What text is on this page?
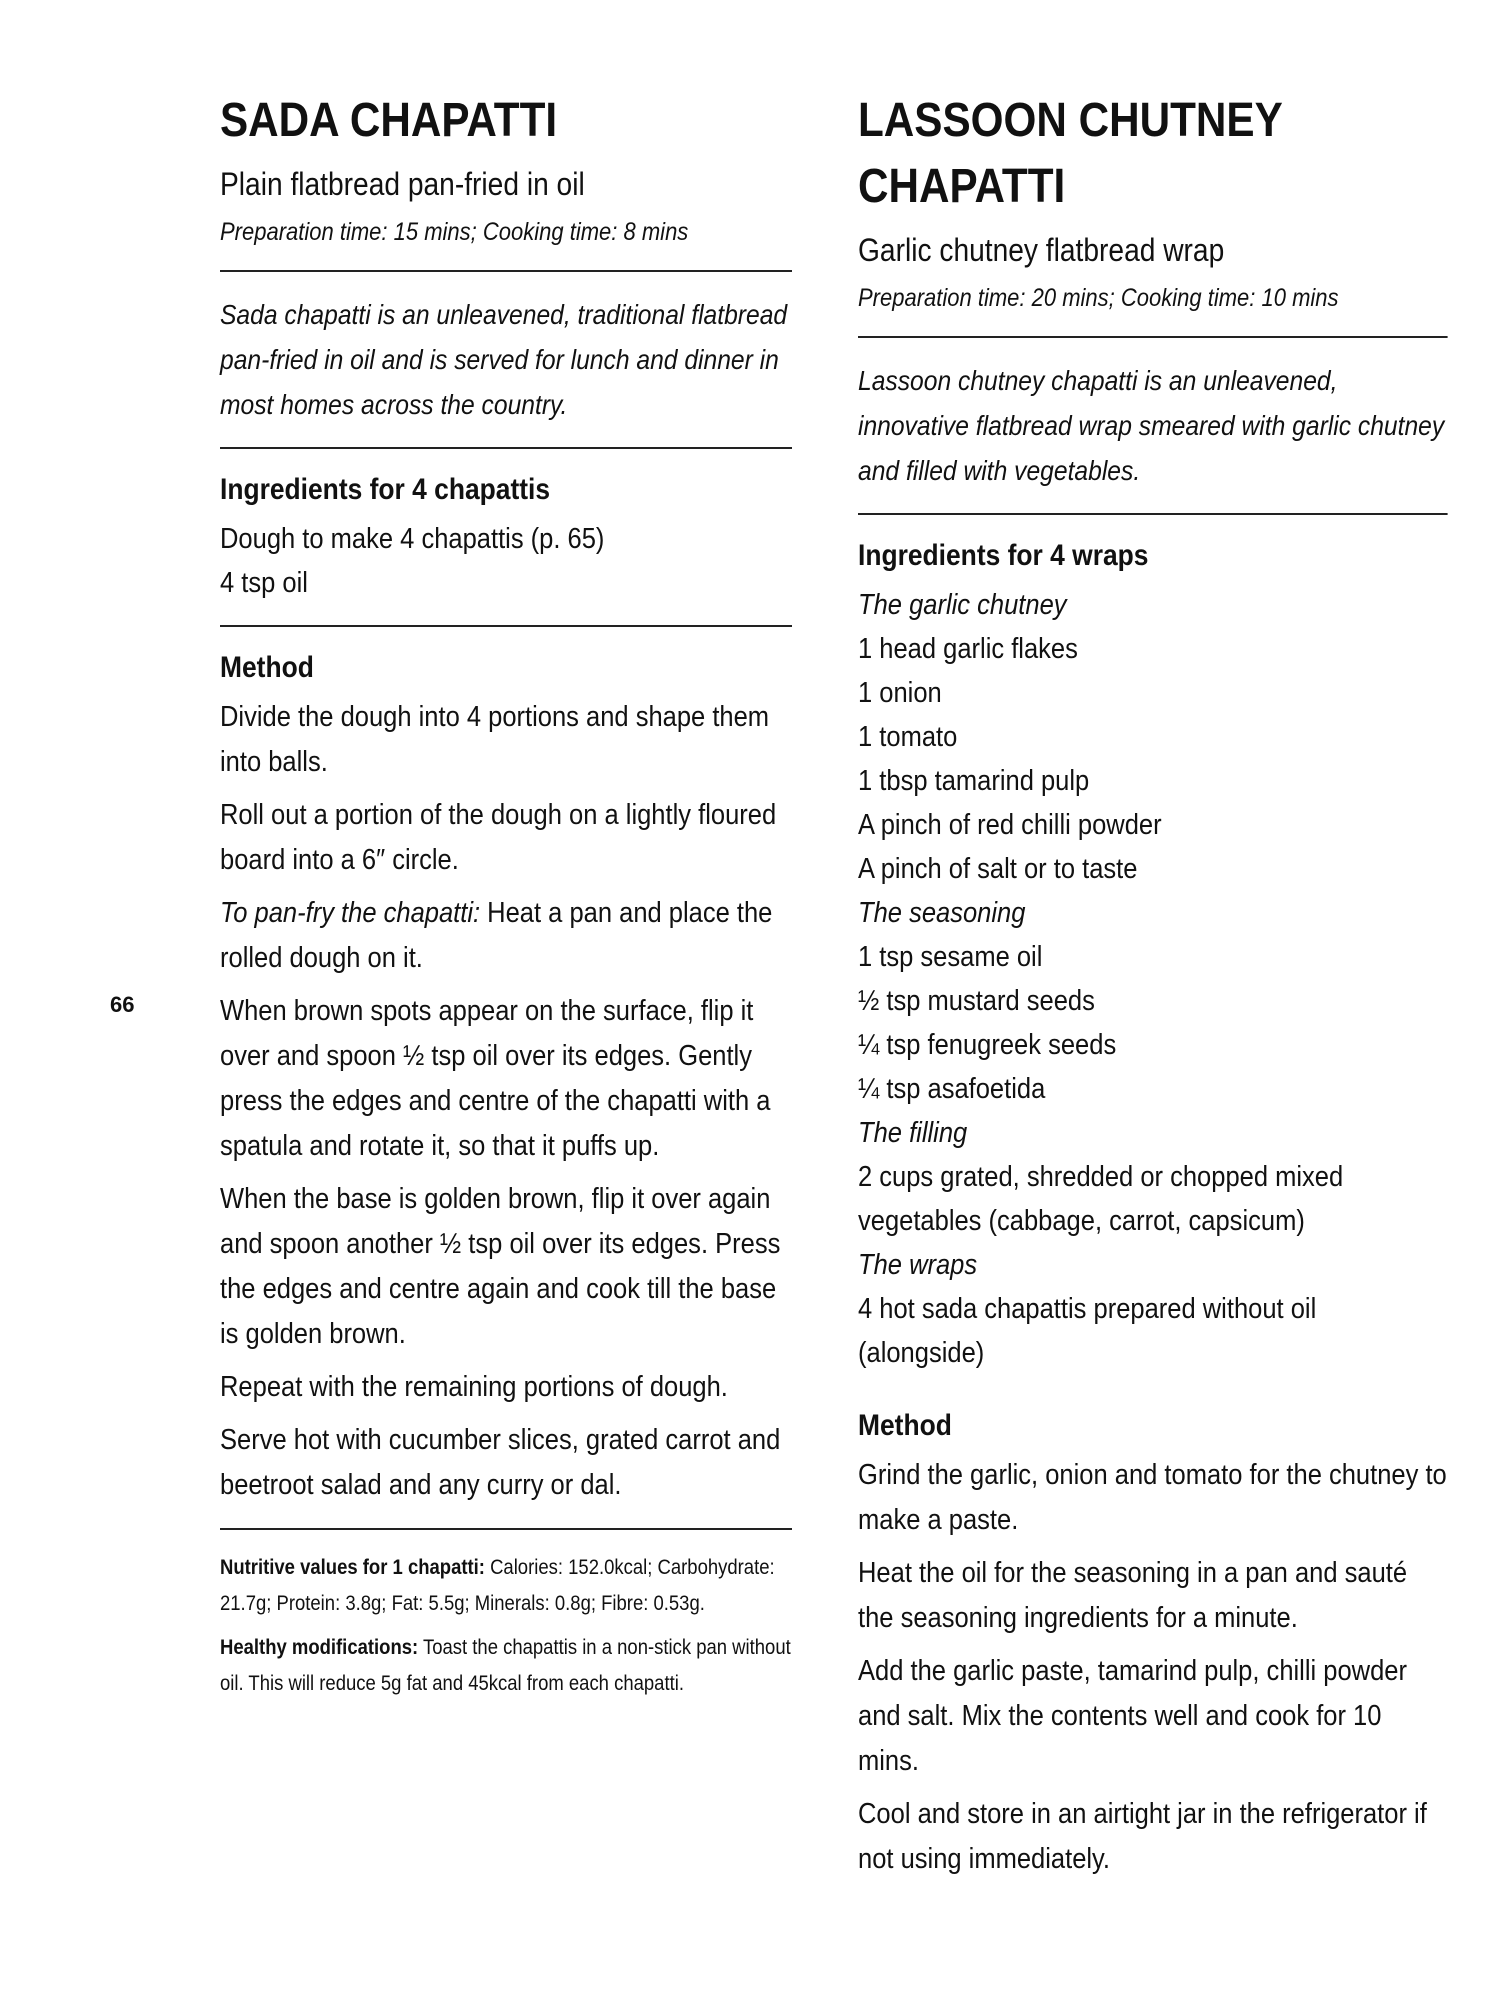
66
SADA CHAPATTI
Plain flatbread pan-fried in oil
Preparation time: 15 mins; Cooking time: 8 mins
Sada chapatti is an unleavened, traditional flatbread pan-fried in oil and is served for lunch and dinner in most homes across the country.
Ingredients for 4 chapattis
Dough to make 4 chapattis (p. 65)
4 tsp oil
Method

Divide the dough into 4 portions and shape them into balls.

Roll out a portion of the dough on a lightly floured board into a 6″ circle.

To pan-fry the chapatti: Heat a pan and place the rolled dough on it.

When brown spots appear on the surface, flip it over and spoon ½ tsp oil over its edges. Gently press the edges and centre of the chapatti with a spatula and rotate it, so that it puffs up.

When the base is golden brown, flip it over again and spoon another ½ tsp oil over its edges. Press the edges and centre again and cook till the base is golden brown.

Repeat with the remaining portions of dough.

Serve hot with cucumber slices, grated carrot and beetroot salad and any curry or dal.

Nutritive values for 1 chapatti: Calories: 152.0kcal; Carbohydrate: 21.7g; Protein: 3.8g; Fat: 5.5g; Minerals: 0.8g; Fibre: 0.53g.

Healthy modifications: Toast the chapattis in a non-stick pan without oil. This will reduce 5g fat and 45kcal from each chapatti.

LASSOON CHUTNEY
CHAPATTI
Garlic chutney flatbread wrap
Preparation time: 20 mins; Cooking time: 10 mins
Lassoon chutney chapatti is an unleavened, innovative flatbread wrap smeared with garlic chutney and filled with vegetables.
Ingredients for 4 wraps
The garlic chutney
1 head garlic flakes
1 onion
1 tomato
1 tbsp tamarind pulp
A pinch of red chilli powder
A pinch of salt or to taste
The seasoning
1 tsp sesame oil
½ tsp mustard seeds
¼ tsp fenugreek seeds
¼ tsp asafoetida
The filling
2 cups grated, shredded or chopped mixed vegetables (cabbage, carrot, capsicum)
The wraps
4 hot sada chapattis prepared without oil (alongside)
Method

Grind the garlic, onion and tomato for the chutney to make a paste.

Heat the oil for the seasoning in a pan and sauté the seasoning ingredients for a minute.

Add the garlic paste, tamarind pulp, chilli powder and salt. Mix the contents well and cook for 10 mins.

Cool and store in an airtight jar in the refrigerator if not using immediately.
